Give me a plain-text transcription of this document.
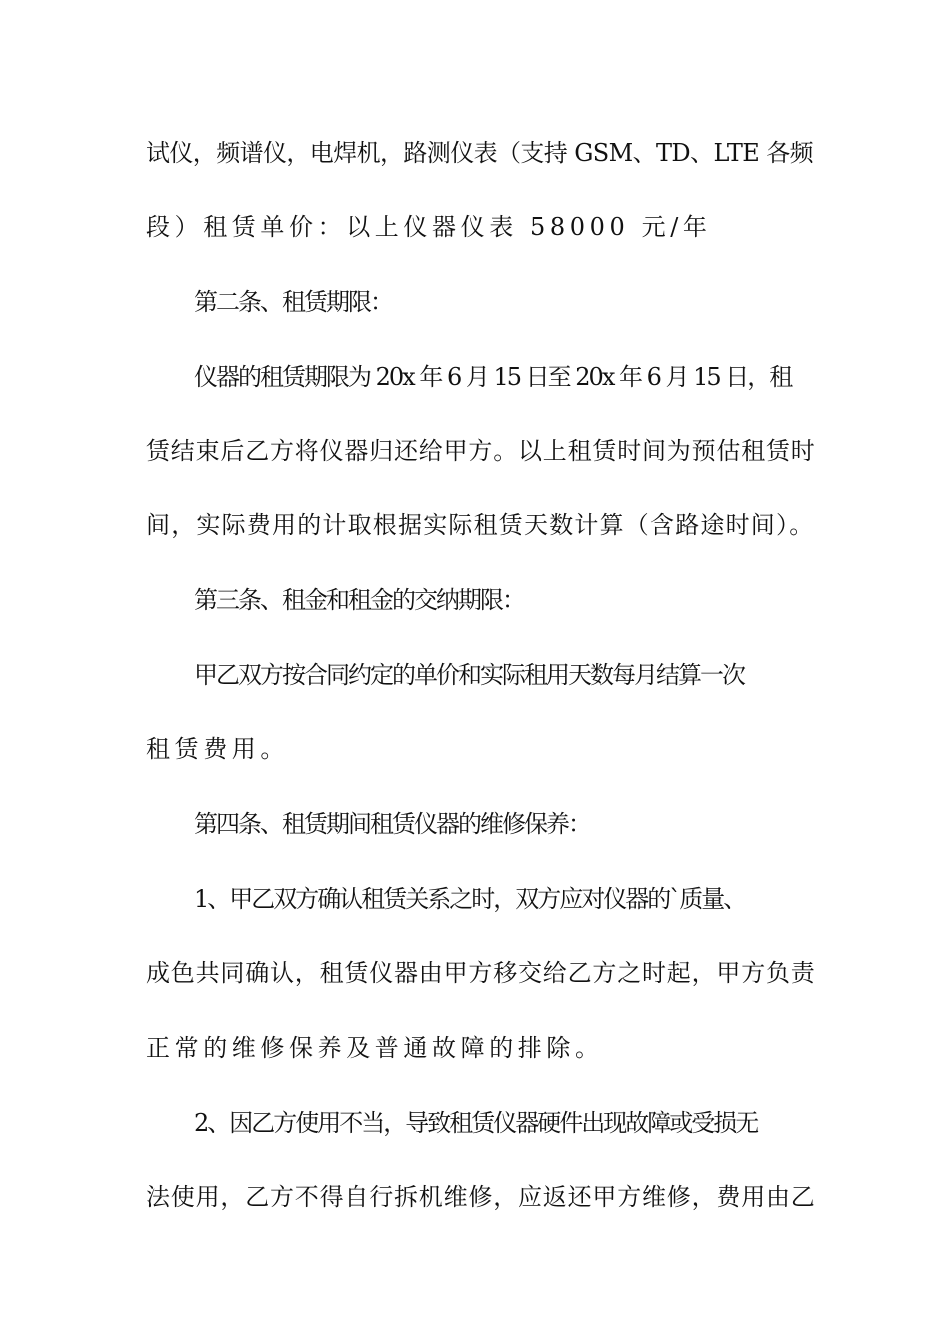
试仪，频谱仪，电焊机，路测仪表（支持 GSM、TD、LTE 各频
段）租赁单价：以上仪器仪表 58000 元/年
第二条、租赁期限：
仪器的租赁期限为 20x 年 6 月 15 日至 20x 年 6 月 15 日，租
赁结束后乙方将仪器归还给甲方。以上租赁时间为预估租赁时
间，实际费用的计取根据实际租赁天数计算（含路途时间）。
第三条、租金和租金的交纳期限：
甲乙双方按合同约定的单价和实际租用天数每月结算一次
租赁费用。
第四条、租赁期间租赁仪器的维修保养：
1、甲乙双方确认租赁关系之时，双方应对仪器的`质量、
成色共同确认，租赁仪器由甲方移交给乙方之时起，甲方负责
正常的维修保养及普通故障的排除。
2、因乙方使用不当，导致租赁仪器硬件出现故障或受损无
法使用，乙方不得自行拆机维修，应返还甲方维修，费用由乙
